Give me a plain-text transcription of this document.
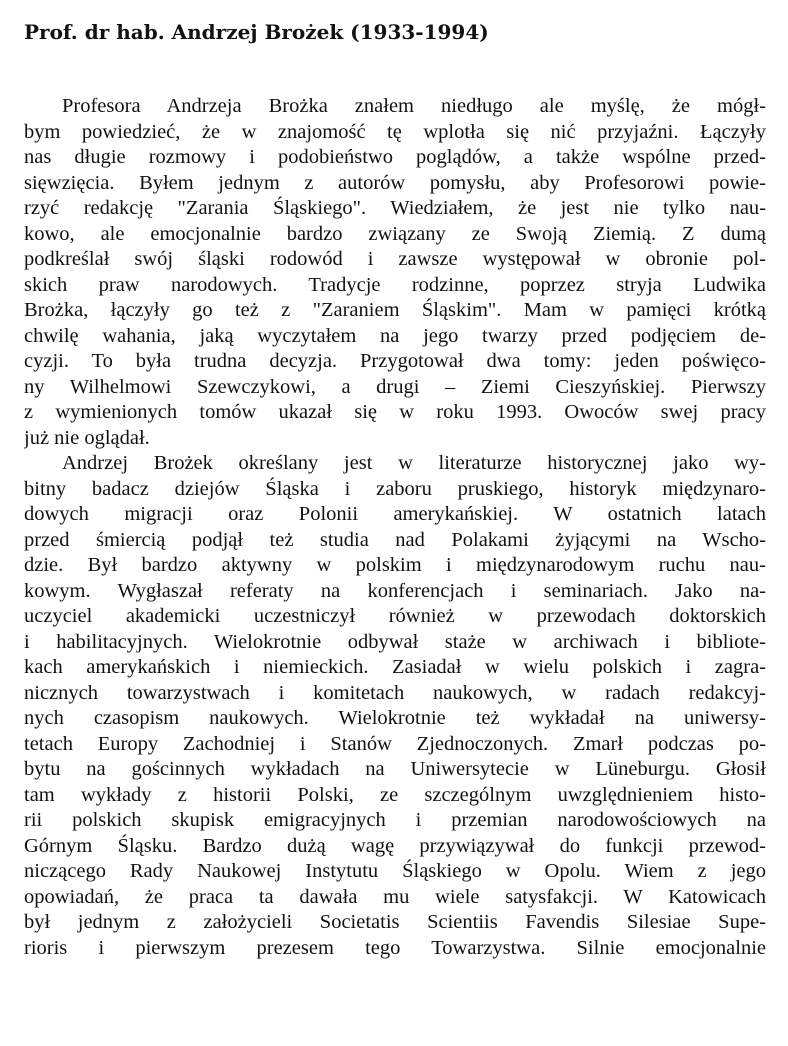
Prof. dr hab. Andrzej Brożek (1933-1994)
Profesora Andrzeja Brożka znałem niedługo ale myślę, że mógł-
bym powiedzieć, że w znajomość tę wplotła się nić przyjaźni. Łączyły
nas długie rozmowy i podobieństwo poglądów, a także wspólne przed-
sięwzięcia. Byłem jednym z autorów pomysłu, aby Profesorowi powie-
rzyć redakcję "Zarania Śląskiego". Wiedziałem, że jest nie tylko nau-
kowo, ale emocjonalnie bardzo związany ze Swoją Ziemią. Z dumą
podkreślał swój śląski rodowód i zawsze występował w obronie pol-
skich praw narodowych. Tradycje rodzinne, poprzez stryja Ludwika
Brożka, łączyły go też z "Zaraniem Śląskim". Mam w pamięci krótką
chwilę wahania, jaką wyczytałem na jego twarzy przed podjęciem de-
cyzji. To była trudna decyzja. Przygotował dwa tomy: jeden poświęco-
ny Wilhelmowi Szewczykowi, a drugi – Ziemi Cieszyńskiej. Pierwszy
z wymienionych tomów ukazał się w roku 1993. Owoców swej pracy
już nie oglądał.
Andrzej Brożek określany jest w literaturze historycznej jako wy-
bitny badacz dziejów Śląska i zaboru pruskiego, historyk międzynaro-
dowych migracji oraz Polonii amerykańskiej. W ostatnich latach
przed śmiercią podjął też studia nad Polakami żyjącymi na Wscho-
dzie. Był bardzo aktywny w polskim i międzynarodowym ruchu nau-
kowym. Wygłaszał referaty na konferencjach i seminariach. Jako na-
uczyciel akademicki uczestniczył również w przewodach doktorskich
i habilitacyjnych. Wielokrotnie odbywał staże w archiwach i bibliote-
kach amerykańskich i niemieckich. Zasiadał w wielu polskich i zagra-
nicznych towarzystwach i komitetach naukowych, w radach redakcyj-
nych czasopism naukowych. Wielokrotnie też wykładał na uniwersy-
tetach Europy Zachodniej i Stanów Zjednoczonych. Zmarł podczas po-
bytu na gościnnych wykładach na Uniwersytecie w Lüneburgu. Głosił
tam wykłady z historii Polski, ze szczególnym uwzględnieniem histo-
rii polskich skupisk emigracyjnych i przemian narodowościowych na
Górnym Śląsku. Bardzo dużą wagę przywiązywał do funkcji przewod-
niczącego Rady Naukowej Instytutu Śląskiego w Opolu. Wiem z jego
opowiadań, że praca ta dawała mu wiele satysfakcji. W Katowicach
był jednym z założycieli Societatis Scientiis Favendis Silesiae Supe-
rioris i pierwszym prezesem tego Towarzystwa. Silnie emocjonalnie
